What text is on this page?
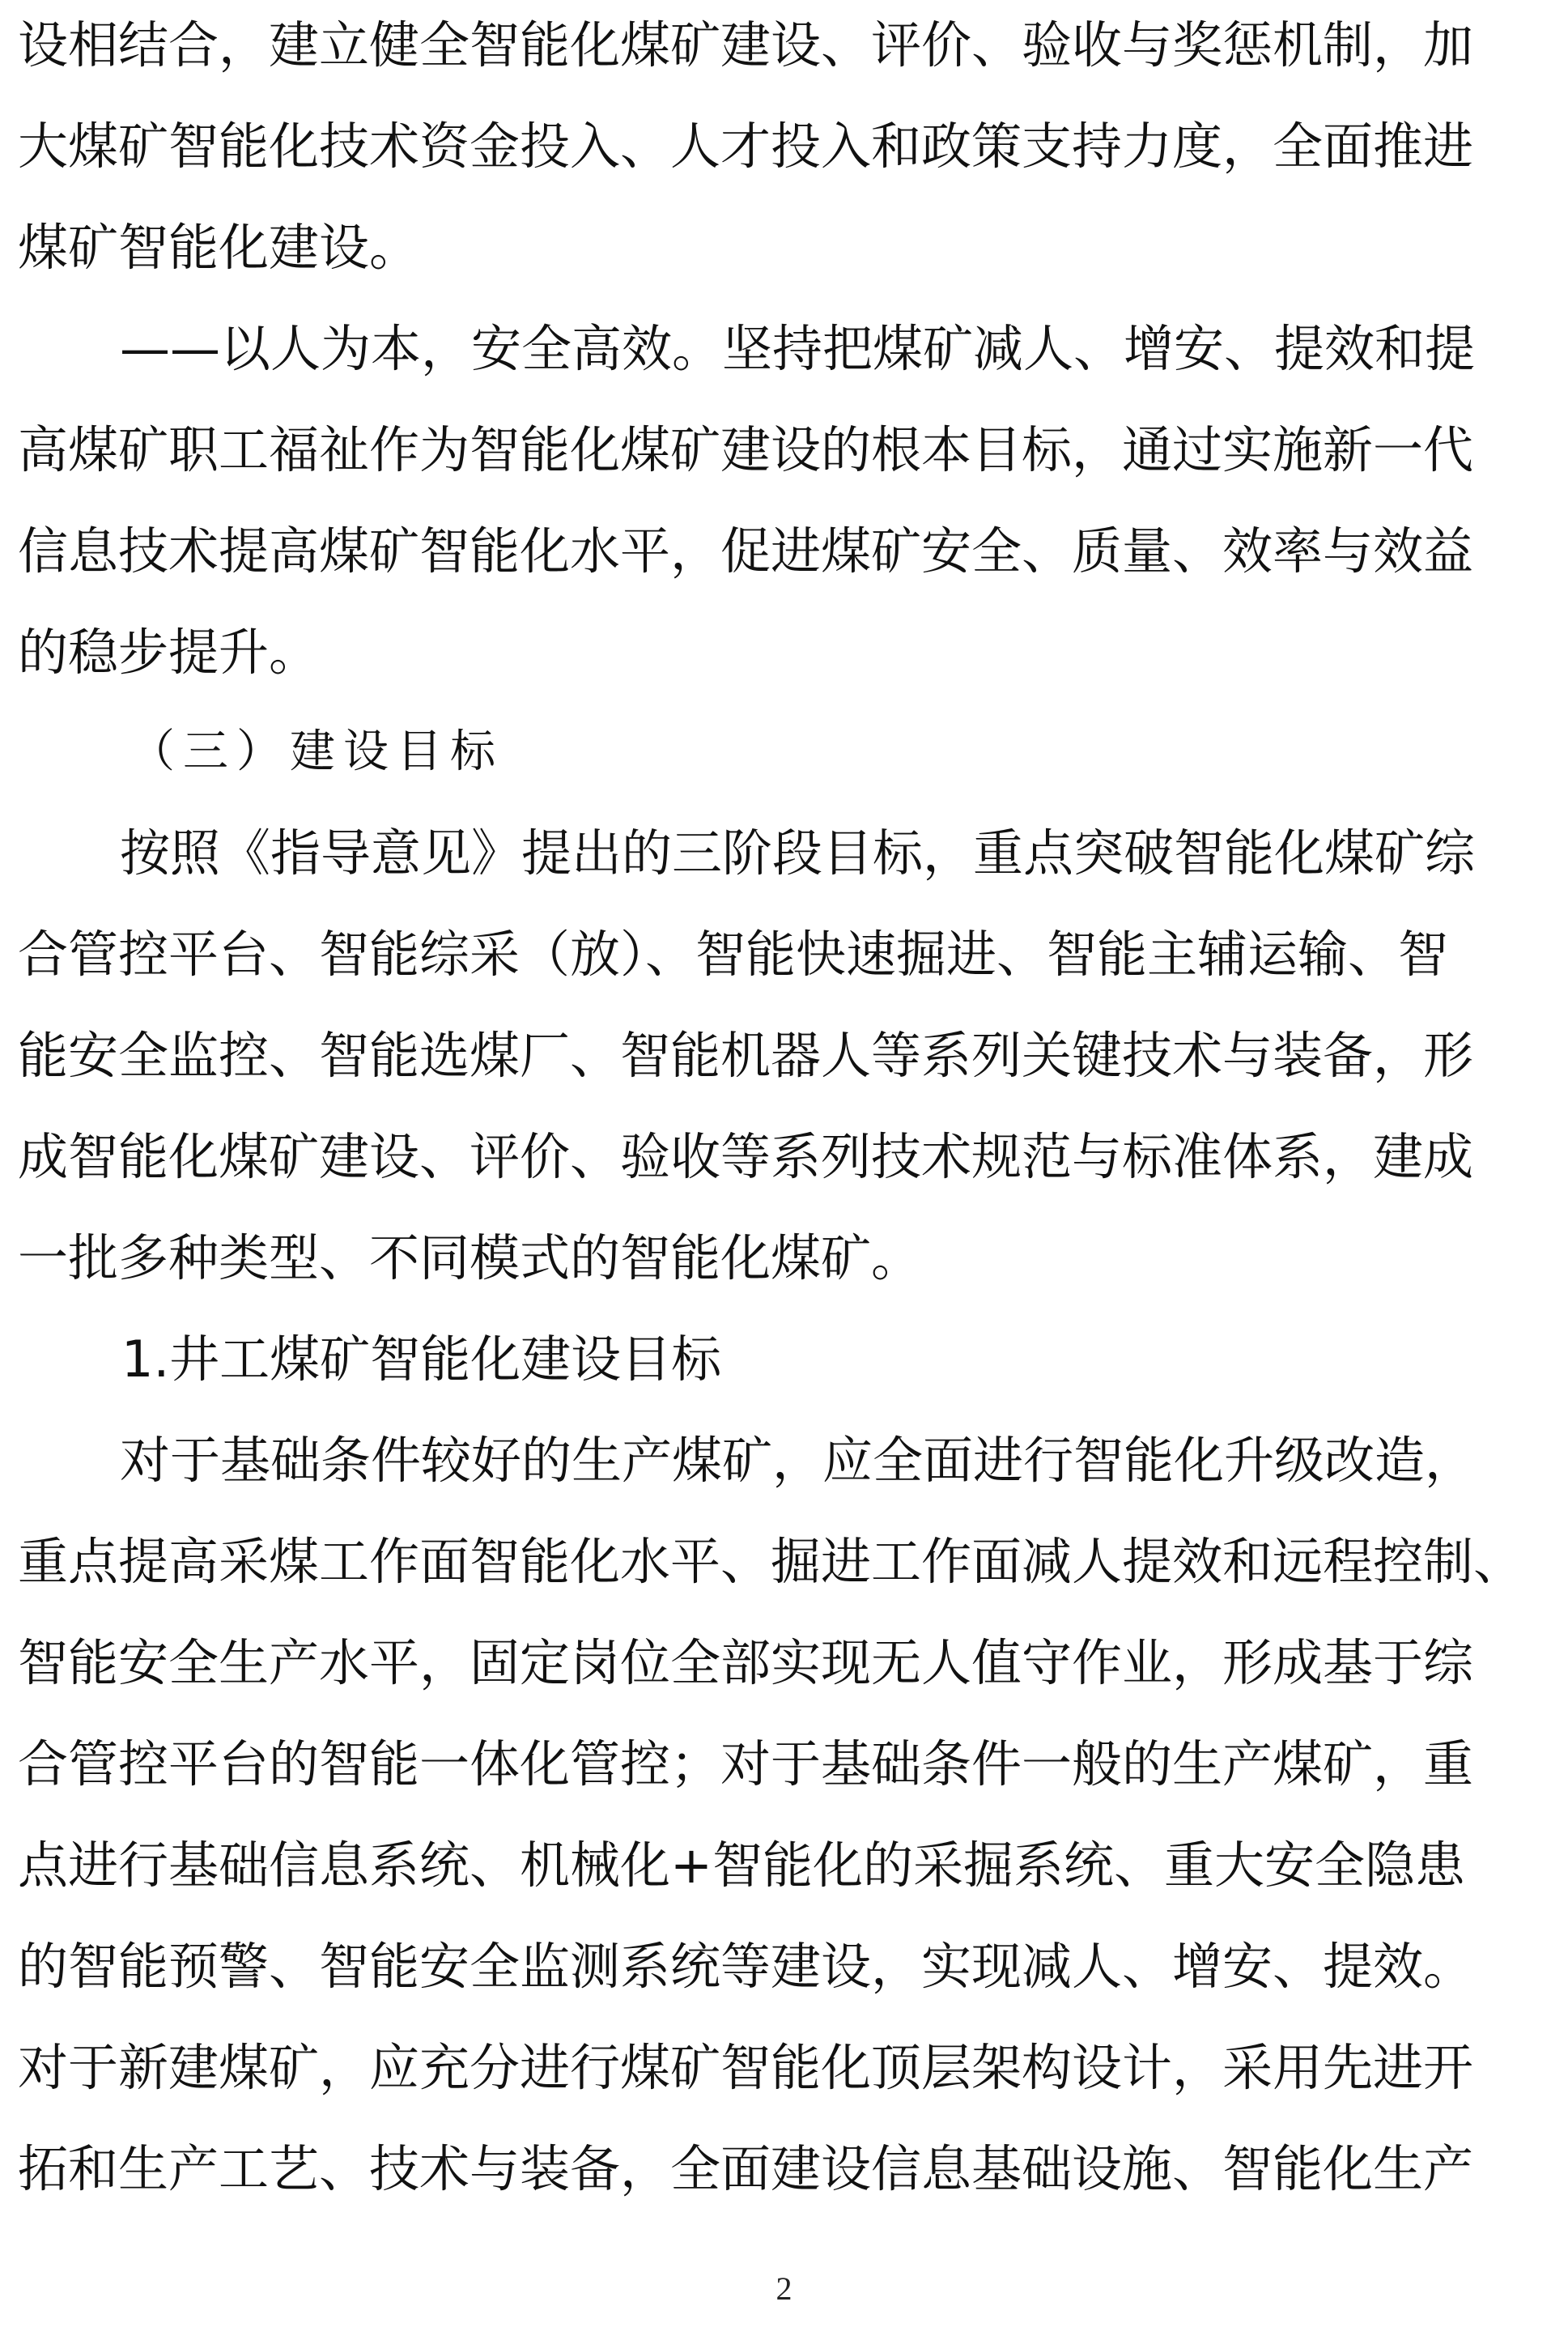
设相结合，建立健全智能化煤矿建设、评价、验收与奖惩机制，加
大煤矿智能化技术资金投入、人才投入和政策支持力度，全面推进
煤矿智能化建设。
——以人为本，安全高效。坚持把煤矿减人、增安、提效和提
高煤矿职工福祉作为智能化煤矿建设的根本目标，通过实施新一代
信息技术提高煤矿智能化水平，促进煤矿安全、质量、效率与效益
的稳步提升。
（三）建设目标
按照《指导意见》提出的三阶段目标，重点突破智能化煤矿综
合管控平台、智能综采（放）、智能快速掘进、智能主辅运输、智
能安全监控、智能选煤厂、智能机器人等系列关键技术与装备，形
成智能化煤矿建设、评价、验收等系列技术规范与标准体系，建成
一批多种类型、不同模式的智能化煤矿。
1.井工煤矿智能化建设目标
对于基础条件较好的生产煤矿，应全面进行智能化升级改造，
重点提高采煤工作面智能化水平、掘进工作面减人提效和远程控制、
智能安全生产水平，固定岗位全部实现无人值守作业，形成基于综
合管控平台的智能一体化管控；对于基础条件一般的生产煤矿，重
点进行基础信息系统、机械化+智能化的采掘系统、重大安全隐患
的智能预警、智能安全监测系统等建设，实现减人、增安、提效。
对于新建煤矿，应充分进行煤矿智能化顶层架构设计，采用先进开
拓和生产工艺、技术与装备，全面建设信息基础设施、智能化生产
2
